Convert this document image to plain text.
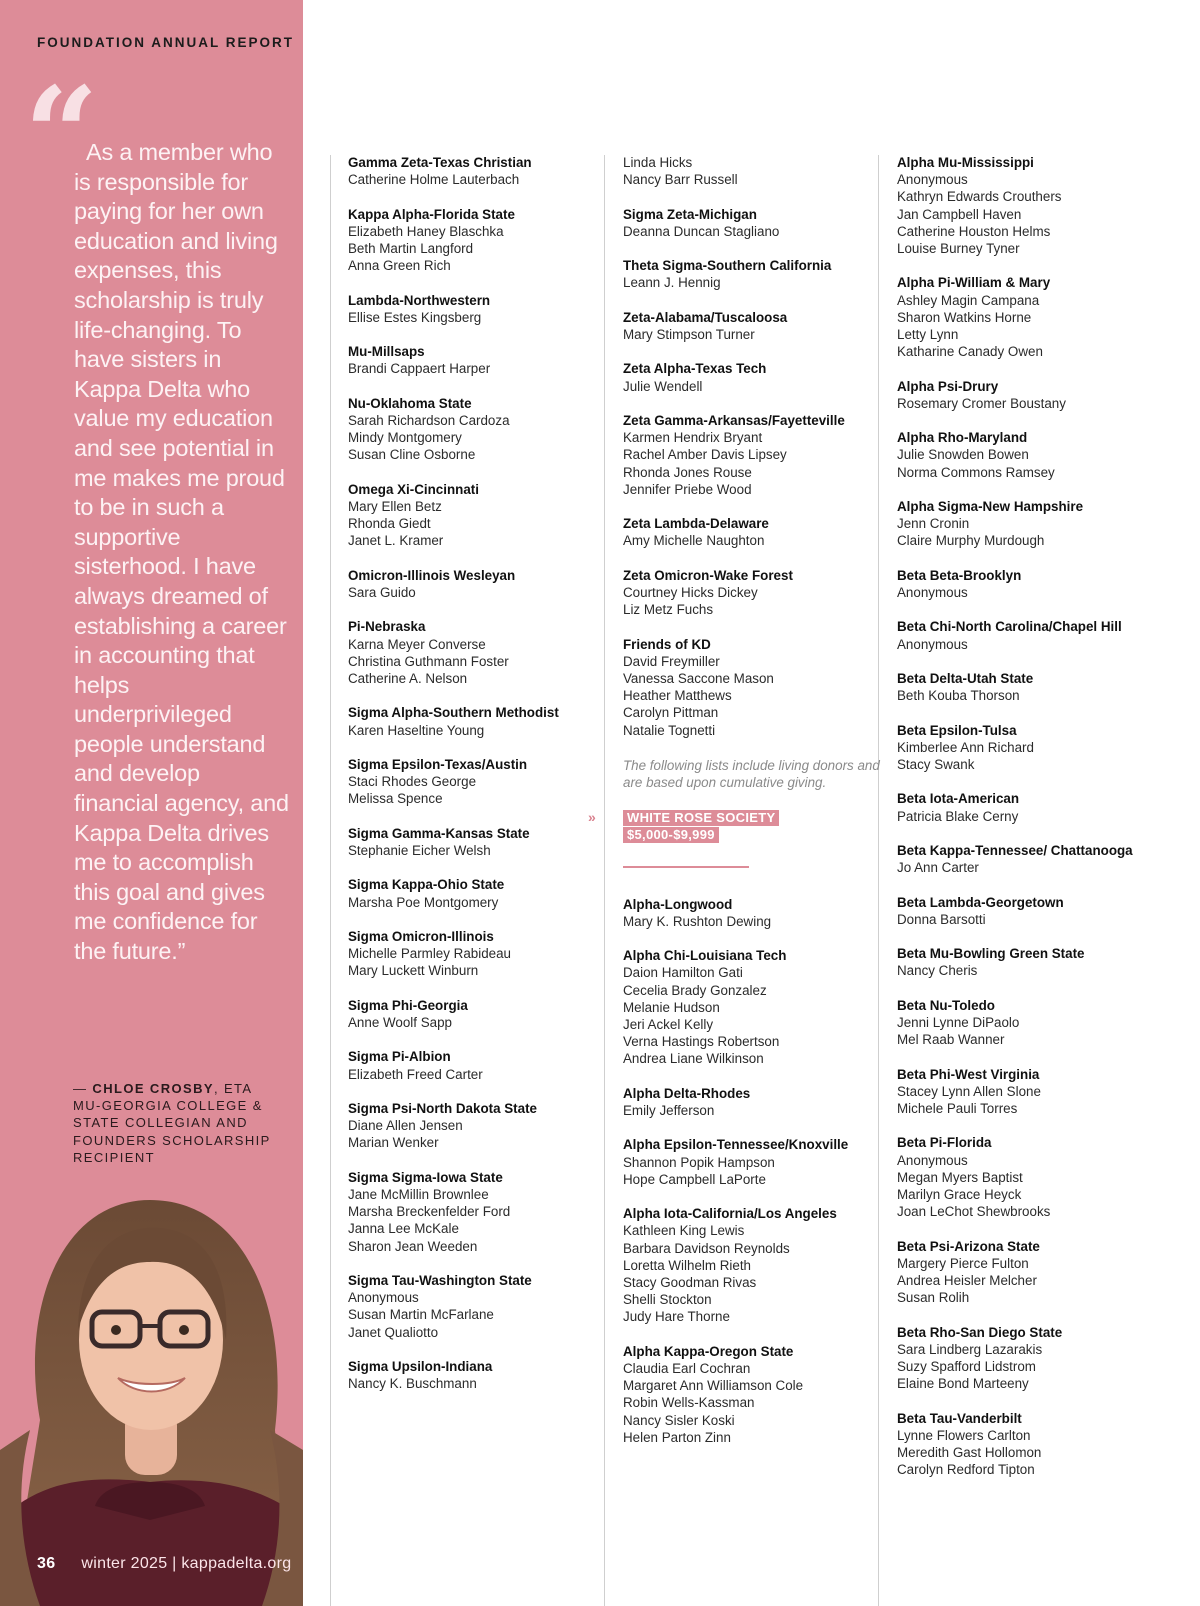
FOUNDATION ANNUAL REPORT
“
As a member who is responsible for paying for her own education and living expenses, this scholarship is truly life-changing. To have sisters in Kappa Delta who value my education and see potential in me makes me proud to be in such a supportive sisterhood. I have always dreamed of establishing a career in accounting that helps underprivileged people understand and develop financial agency, and Kappa Delta drives me to accomplish this goal and gives me confidence for the future.”
— CHLOE CROSBY, ETA MU-GEORGIA COLLEGE & STATE COLLEGIAN AND FOUNDERS SCHOLARSHIP RECIPIENT
36 winter 2025 | kappadelta.org
Gamma Zeta-Texas Christian
Catherine Holme Lauterbach
Kappa Alpha-Florida State
Elizabeth Haney Blaschka
Beth Martin Langford
Anna Green Rich
Lambda-Northwestern
Ellise Estes Kingsberg
Mu-Millsaps
Brandi Cappaert Harper
Nu-Oklahoma State
Sarah Richardson Cardoza
Mindy Montgomery
Susan Cline Osborne
Omega Xi-Cincinnati
Mary Ellen Betz
Rhonda Giedt
Janet L. Kramer
Omicron-Illinois Wesleyan
Sara Guido
Pi-Nebraska
Karna Meyer Converse
Christina Guthmann Foster
Catherine A. Nelson
Sigma Alpha-Southern Methodist
Karen Haseltine Young
Sigma Epsilon-Texas/Austin
Staci Rhodes George
Melissa Spence
Sigma Gamma-Kansas State
Stephanie Eicher Welsh
Sigma Kappa-Ohio State
Marsha Poe Montgomery
Sigma Omicron-Illinois
Michelle Parmley Rabideau
Mary Luckett Winburn
Sigma Phi-Georgia
Anne Woolf Sapp
Sigma Pi-Albion
Elizabeth Freed Carter
Sigma Psi-North Dakota State
Diane Allen Jensen
Marian Wenker
Sigma Sigma-Iowa State
Jane McMillin Brownlee
Marsha Breckenfelder Ford
Janna Lee McKale
Sharon Jean Weeden
Sigma Tau-Washington State
Anonymous
Susan Martin McFarlane
Janet Qualiotto
Sigma Upsilon-Indiana
Nancy K. Buschmann
Linda Hicks
Nancy Barr Russell
Sigma Zeta-Michigan
Deanna Duncan Stagliano
Theta Sigma-Southern California
Leann J. Hennig
Zeta-Alabama/Tuscaloosa
Mary Stimpson Turner
Zeta Alpha-Texas Tech
Julie Wendell
Zeta Gamma-Arkansas/Fayetteville
Karmen Hendrix Bryant
Rachel Amber Davis Lipsey
Rhonda Jones Rouse
Jennifer Priebe Wood
Zeta Lambda-Delaware
Amy Michelle Naughton
Zeta Omicron-Wake Forest
Courtney Hicks Dickey
Liz Metz Fuchs
Friends of KD
David Freymiller
Vanessa Saccone Mason
Heather Matthews
Carolyn Pittman
Natalie Tognetti
The following lists include living donors and are based upon cumulative giving.
» WHITE ROSE SOCIETY
$5,000-$9,999
Alpha-Longwood
Mary K. Rushton Dewing
Alpha Chi-Louisiana Tech
Daion Hamilton Gati
Cecelia Brady Gonzalez
Melanie Hudson
Jeri Ackel Kelly
Verna Hastings Robertson
Andrea Liane Wilkinson
Alpha Delta-Rhodes
Emily Jefferson
Alpha Epsilon-Tennessee/Knoxville
Shannon Popik Hampson
Hope Campbell LaPorte
Alpha Iota-California/Los Angeles
Kathleen King Lewis
Barbara Davidson Reynolds
Loretta Wilhelm Rieth
Stacy Goodman Rivas
Shelli Stockton
Judy Hare Thorne
Alpha Kappa-Oregon State
Claudia Earl Cochran
Margaret Ann Williamson Cole
Robin Wells-Kassman
Nancy Sisler Koski
Helen Parton Zinn
Alpha Mu-Mississippi
Anonymous
Kathryn Edwards Crouthers
Jan Campbell Haven
Catherine Houston Helms
Louise Burney Tyner
Alpha Pi-William & Mary
Ashley Magin Campana
Sharon Watkins Horne
Letty Lynn
Katharine Canady Owen
Alpha Psi-Drury
Rosemary Cromer Boustany
Alpha Rho-Maryland
Julie Snowden Bowen
Norma Commons Ramsey
Alpha Sigma-New Hampshire
Jenn Cronin
Claire Murphy Murdough
Beta Beta-Brooklyn
Anonymous
Beta Chi-North Carolina/Chapel Hill
Anonymous
Beta Delta-Utah State
Beth Kouba Thorson
Beta Epsilon-Tulsa
Kimberlee Ann Richard
Stacy Swank
Beta Iota-American
Patricia Blake Cerny
Beta Kappa-Tennessee/ Chattanooga
Jo Ann Carter
Beta Lambda-Georgetown
Donna Barsotti
Beta Mu-Bowling Green State
Nancy Cheris
Beta Nu-Toledo
Jenni Lynne DiPaolo
Mel Raab Wanner
Beta Phi-West Virginia
Stacey Lynn Allen Slone
Michele Pauli Torres
Beta Pi-Florida
Anonymous
Megan Myers Baptist
Marilyn Grace Heyck
Joan LeChot Shewbrooks
Beta Psi-Arizona State
Margery Pierce Fulton
Andrea Heisler Melcher
Susan Rolih
Beta Rho-San Diego State
Sara Lindberg Lazarakis
Suzy Spafford Lidstrom
Elaine Bond Marteeny
Beta Tau-Vanderbilt
Lynne Flowers Carlton
Meredith Gast Hollomon
Carolyn Redford Tipton
